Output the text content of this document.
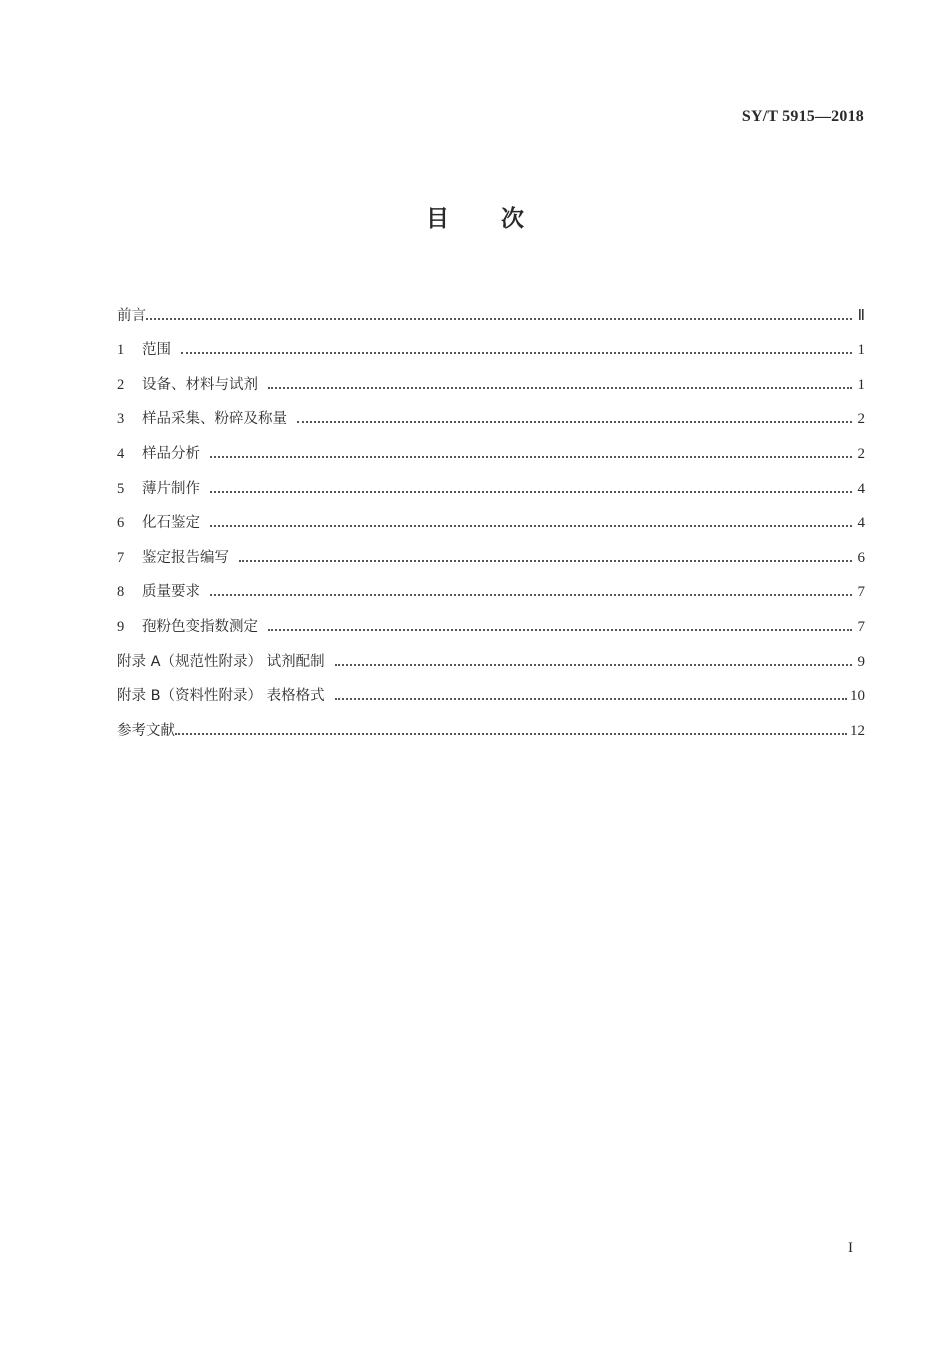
SY/T 5915—2018
目 次
前言	Ⅱ
1	范围	1
2	设备、材料与试剂	1
3	样品采集、粉碎及称量	2
4	样品分析	2
5	薄片制作	4
6	化石鉴定	4
7	鉴定报告编写	6
8	质量要求	7
9	孢粉色变指数测定	7
附录 A（规范性附录） 试剂配制	9
附录 B（资料性附录） 表格格式	10
参考文献	12
I
